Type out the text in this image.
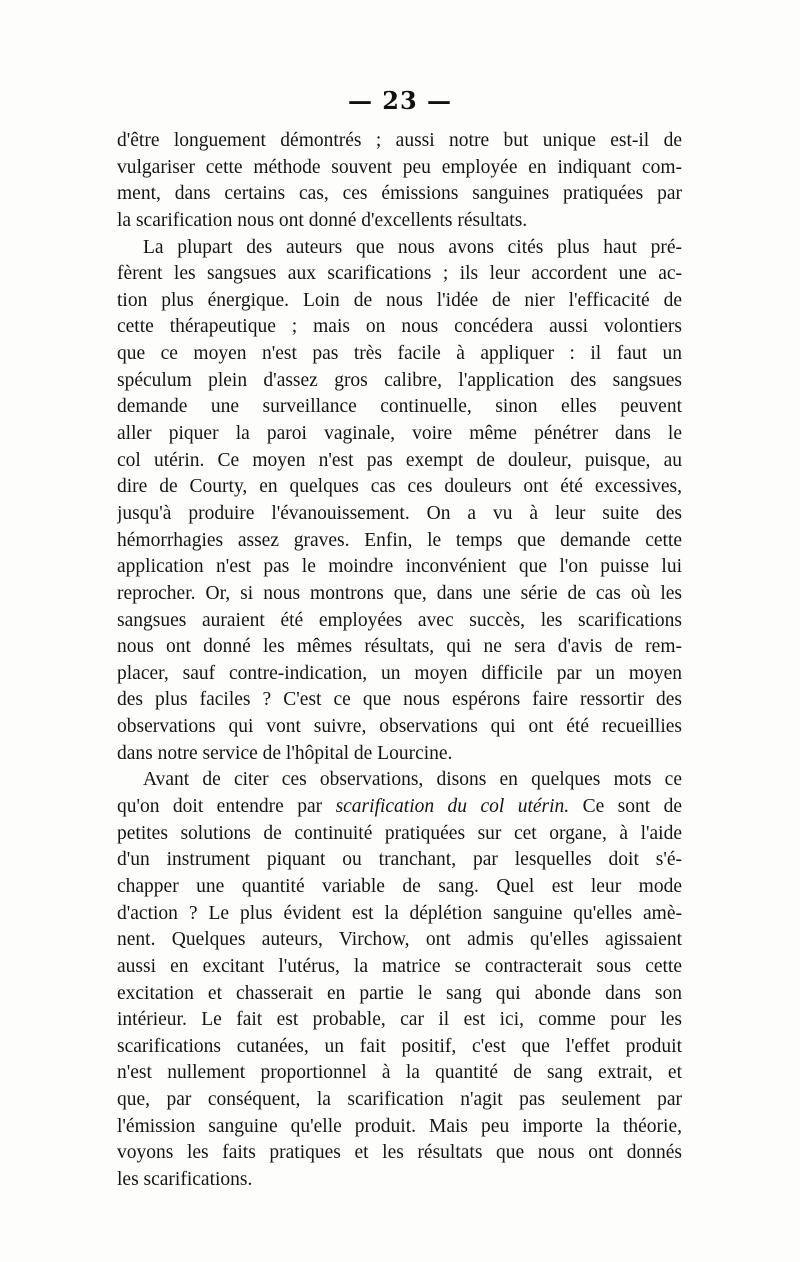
— 23 —
d'être longuement démontrés ; aussi notre but unique est-il de
vulgariser cette méthode souvent peu employée en indiquant com-
ment, dans certains cas, ces émissions sanguines pratiquées par
la scarification nous ont donné d'excellents résultats.
La plupart des auteurs que nous avons cités plus haut pré-
fèrent les sangsues aux scarifications ; ils leur accordent une ac-
tion plus énergique. Loin de nous l'idée de nier l'efficacité de
cette thérapeutique ; mais on nous concédera aussi volontiers
que ce moyen n'est pas très facile à appliquer : il faut un
spéculum plein d'assez gros calibre, l'application des sangsues
demande une surveillance continuelle, sinon elles peuvent
aller piquer la paroi vaginale, voire même pénétrer dans le
col utérin. Ce moyen n'est pas exempt de douleur, puisque, au
dire de Courty, en quelques cas ces douleurs ont été excessives,
jusqu'à produire l'évanouissement. On a vu à leur suite des
hémorrhagies assez graves. Enfin, le temps que demande cette
application n'est pas le moindre inconvénient que l'on puisse lui
reprocher. Or, si nous montrons que, dans une série de cas où les
sangsues auraient été employées avec succès, les scarifications
nous ont donné les mêmes résultats, qui ne sera d'avis de rem-
placer, sauf contre-indication, un moyen difficile par un moyen
des plus faciles ? C'est ce que nous espérons faire ressortir des
observations qui vont suivre, observations qui ont été recueillies
dans notre service de l'hôpital de Lourcine.
Avant de citer ces observations, disons en quelques mots ce
qu'on doit entendre par scarification du col utérin. Ce sont de
petites solutions de continuité pratiquées sur cet organe, à l'aide
d'un instrument piquant ou tranchant, par lesquelles doit s'é-
chapper une quantité variable de sang. Quel est leur mode
d'action ? Le plus évident est la déplétion sanguine qu'elles amè-
nent. Quelques auteurs, Virchow, ont admis qu'elles agissaient
aussi en excitant l'utérus, la matrice se contracterait sous cette
excitation et chasserait en partie le sang qui abonde dans son
intérieur. Le fait est probable, car il est ici, comme pour les
scarifications cutanées, un fait positif, c'est que l'effet produit
n'est nullement proportionnel à la quantité de sang extrait, et
que, par conséquent, la scarification n'agit pas seulement par
l'émission sanguine qu'elle produit. Mais peu importe la théorie,
voyons les faits pratiques et les résultats que nous ont donnés
les scarifications.
